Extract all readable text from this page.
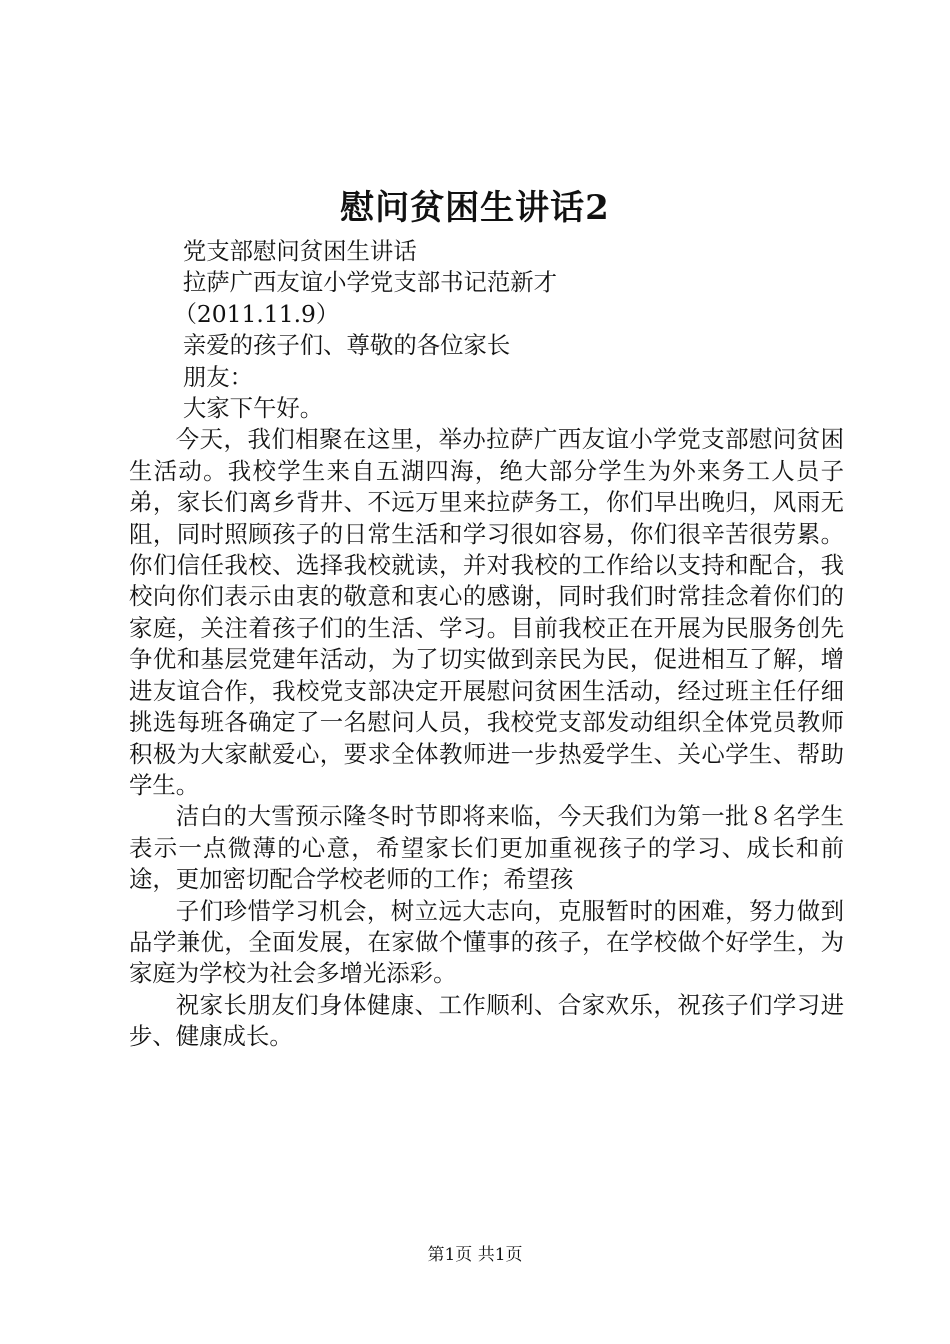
慰问贫困生讲话2

党支部慰问贫困生讲话

拉萨广西友谊小学党支部书记范新才

（2011.11.9）

亲爱的孩子们、尊敬的各位家长

朋友：

大家下午好。

今天，我们相聚在这里，举办拉萨广西友谊小学党支部慰问贫困生活动。我校学生来自五湖四海，绝大部分学生为外来务工人员子弟，家长们离乡背井、不远万里来拉萨务工，你们早出晚归，风雨无阻，同时照顾孩子的日常生活和学习很如容易，你们很辛苦很劳累。你们信任我校、选择我校就读，并对我校的工作给以支持和配合，我校向你们表示由衷的敬意和衷心的感谢，同时我们时常挂念着你们的家庭，关注着孩子们的生活、学习。目前我校正在开展为民服务创先争优和基层党建年活动，为了切实做到亲民为民，促进相互了解，增进友谊合作，我校党支部决定开展慰问贫困生活动，经过班主任仔细挑选每班各确定了一名慰问人员，我校党支部发动组织全体党员教师积极为大家献爱心，要求全体教师进一步热爱学生、关心学生、帮助学生。

洁白的大雪预示隆冬时节即将来临，今天我们为第一批８名学生表示一点微薄的心意，希望家长们更加重视孩子的学习、成长和前途，更加密切配合学校老师的工作；希望孩

子们珍惜学习机会，树立远大志向，克服暂时的困难，努力做到品学兼优，全面发展，在家做个懂事的孩子，在学校做个好学生，为家庭为学校为社会多增光添彩。

祝家长朋友们身体健康、工作顺利、合家欢乐，祝孩子们学习进步、健康成长。

第1页 共1页
